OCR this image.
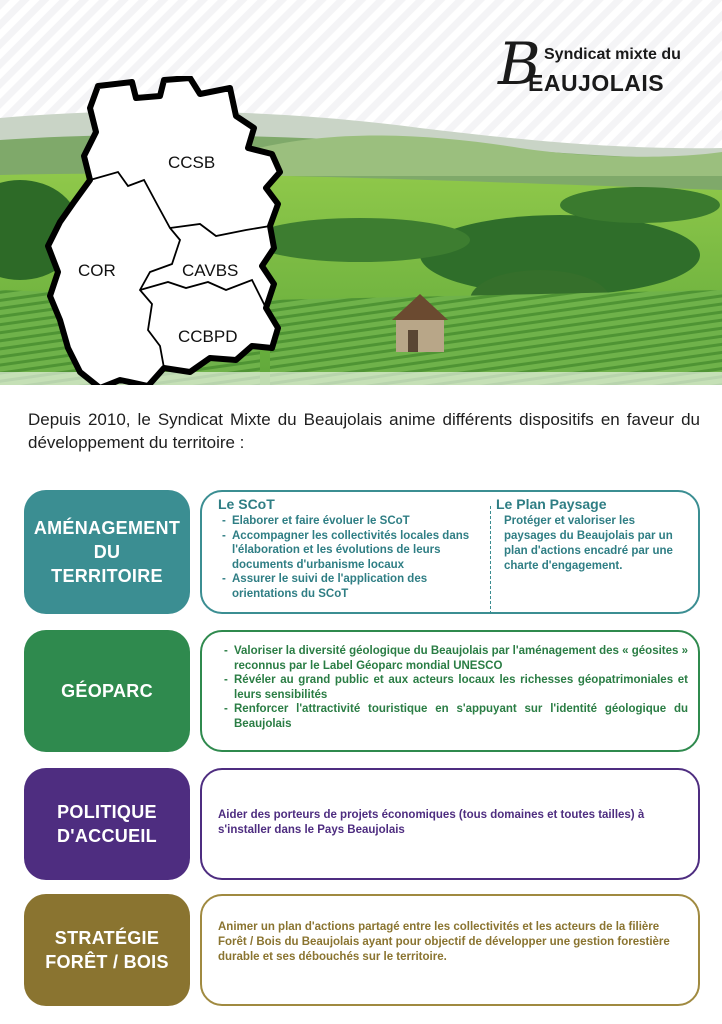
CCSB
COR	CAVBS
CCBPD
B Syndicat mixte du
EAUJOLAIS
Depuis 2010, le Syndicat Mixte du Beaujolais anime différents dispositifs en faveur du développement du territoire :
AMÉNAGEMENT
DU
TERRITOIRE
Le SCoT
- Elaborer et faire évoluer le SCoT
- Accompagner les collectivités locales dans l'élaboration et les évolutions de leurs documents d'urbanisme locaux
- Assurer le suivi de l'application des orientations du SCoT
Le Plan Paysage
Protéger et valoriser les paysages du Beaujolais par un plan d'actions encadré par une charte d'engagement.
GÉOPARC
- Valoriser la diversité géologique du Beaujolais par l'aménagement des « géosites » reconnus par le Label Géoparc mondial UNESCO
- Révéler au grand public et aux acteurs locaux les richesses géopatrimoniales et leurs sensibilités
- Renforcer l'attractivité touristique en s'appuyant sur l'identité géologique du Beaujolais
POLITIQUE
D'ACCUEIL
Aider des porteurs de projets économiques (tous domaines et toutes tailles) à s'installer dans le Pays Beaujolais
STRATÉGIE
FORÊT / BOIS
Animer un plan d'actions partagé entre les collectivités et les acteurs de la filière Forêt / Bois du Beaujolais ayant pour objectif de développer une gestion forestière durable et ses débouchés sur le territoire.
